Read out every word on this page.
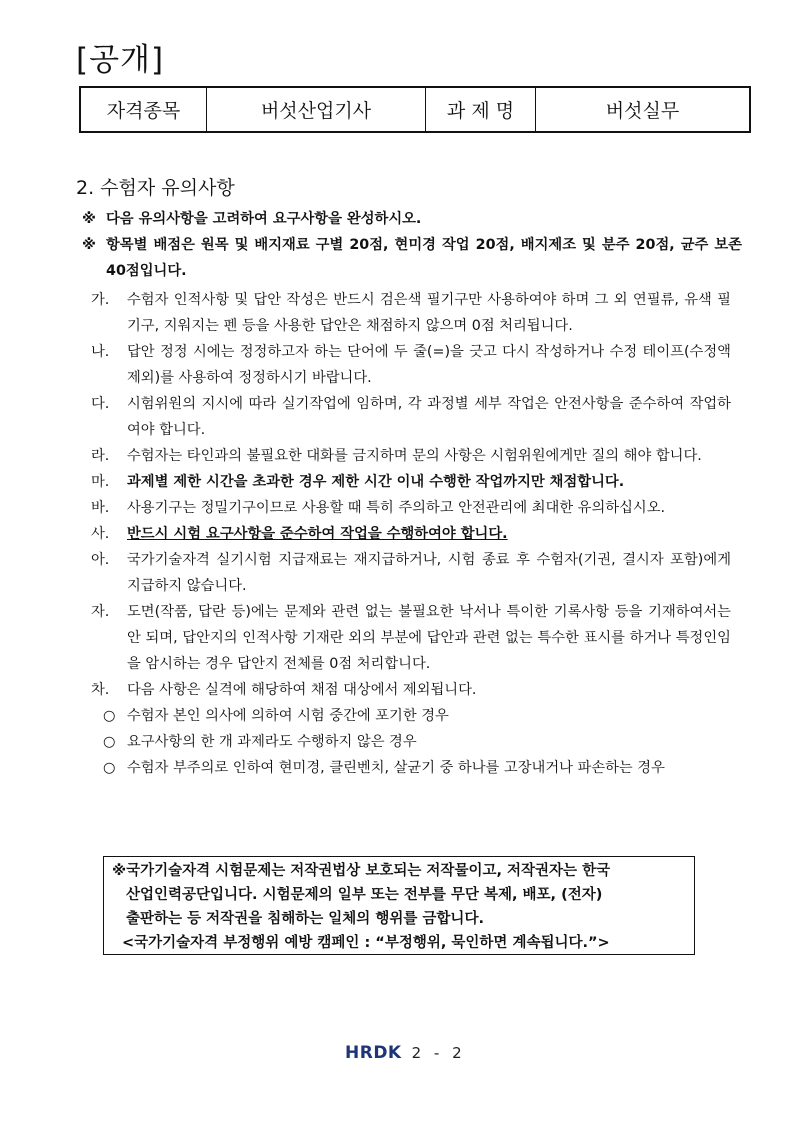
[공개]
자격종목	버섯산업기사	과 제 명	버섯실무
2. 수험자 유의사항
※ 다음 유의사항을 고려하여 요구사항을 완성하시오.
※ 항목별 배점은 원목 및 배지재료 구별 20점, 현미경 작업 20점, 배지제조 및 분주 20점, 균주 보존 40점입니다.
가.	수험자 인적사항 및 답안 작성은 반드시 검은색 필기구만 사용하여야 하며 그 외 연필류, 유색 필기구, 지워지는 펜 등을 사용한 답안은 채점하지 않으며 0점 처리됩니다.
나.	답안 정정 시에는 정정하고자 하는 단어에 두 줄(=)을 긋고 다시 작성하거나 수정 테이프(수정액 제외)를 사용하여 정정하시기 바랍니다.
다.	시험위원의 지시에 따라 실기작업에 임하며, 각 과정별 세부 작업은 안전사항을 준수하여 작업하여야 합니다.
라.	수험자는 타인과의 불필요한 대화를 금지하며 문의 사항은 시험위원에게만 질의 해야 합니다.
마.	과제별 제한 시간을 초과한 경우 제한 시간 이내 수행한 작업까지만 채점합니다.
바.	사용기구는 정밀기구이므로 사용할 때 특히 주의하고 안전관리에 최대한 유의하십시오.
사.	반드시 시험 요구사항을 준수하여 작업을 수행하여야 합니다.
아.	국가기술자격 실기시험 지급재료는 재지급하거나, 시험 종료 후 수험자(기권, 결시자 포함)에게 지급하지 않습니다.
자.	도면(작품, 답란 등)에는 문제와 관련 없는 불필요한 낙서나 특이한 기록사항 등을 기재하여서는 안 되며, 답안지의 인적사항 기재란 외의 부분에 답안과 관련 없는 특수한 표시를 하거나 특정인임을 암시하는 경우 답안지 전체를 0점 처리합니다.
차.	다음 사항은 실격에 해당하여 채점 대상에서 제외됩니다.
○ 수험자 본인 의사에 의하여 시험 중간에 포기한 경우
○ 요구사항의 한 개 과제라도 수행하지 않은 경우
○ 수험자 부주의로 인하여 현미경, 클린벤치, 살균기 중 하나를 고장내거나 파손하는 경우
※국가기술자격 시험문제는 저작권법상 보호되는 저작물이고, 저작권자는 한국
산업인력공단입니다. 시험문제의 일부 또는 전부를 무단 복제, 배포, (전자)
출판하는 등 저작권을 침해하는 일체의 행위를 금합니다.
<국가기술자격 부정행위 예방 캠페인 : “부정행위, 묵인하면 계속됩니다.”>
HRDK 2 - 2
